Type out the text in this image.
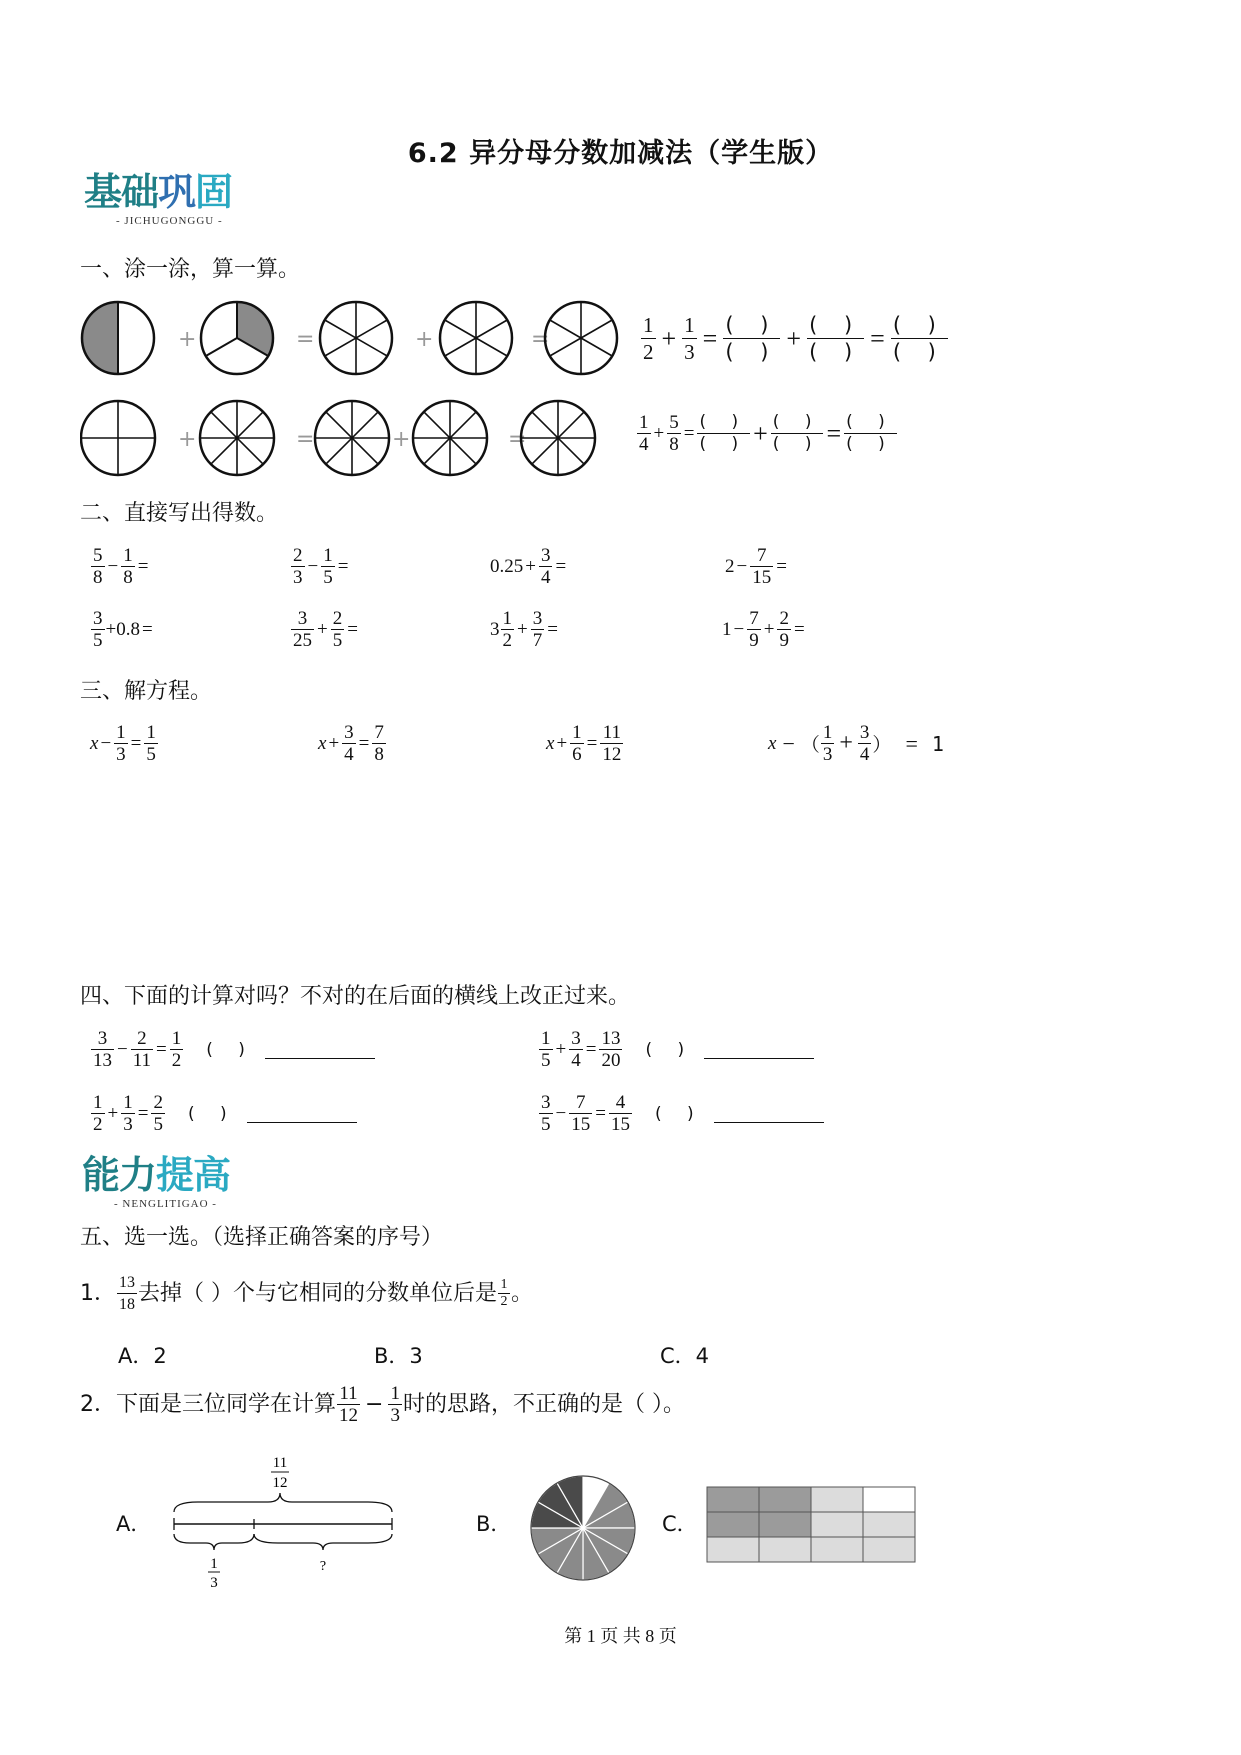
6.2 异分母分数加减法（学生版）
基础巩固
- JICHUGONGGU -
一、涂一涂，算一算。
+	=	+	=
+	=	+	=
$\frac{1}{2} + \frac{1}{3} = \frac{( )}{( )} + \frac{( )}{( )} = \frac{( )}{( )}$
$\frac{1}{4} + \frac{5}{8} = \frac{( )}{( )} + \frac{( )}{( )} = \frac{( )}{( )}$
二、直接写出得数。
$\frac{5}{8} - \frac{1}{8}$ =	$\frac{2}{3} - \frac{1}{5}$ =	$0.25 + \frac{3}{4}$ =	$2 - \frac{7}{15}$ =
$\frac{3}{5} +0.8$ =	$\frac{3}{25} + \frac{2}{5}$ =	$3 \frac{1}{2} + \frac{3}{7}$ =	$1 - \frac{7}{9} + \frac{2}{9}$ =
三、解方程。
$x - \frac{1}{3} = \frac{1}{5}$	$x + \frac{3}{4} = \frac{7}{8}$	$x + \frac{1}{6} = \frac{11}{12}$	x − （ $\frac{1}{3} + \frac{3}{4}$ ） = 1
四、下面的计算对吗？不对的在后面的横线上改正过来。
$\frac{3}{13} - \frac{2}{11} = \frac{1}{2}$	( )	$\frac{1}{5} + \frac{3}{4} = \frac{13}{20}$	( )
$\frac{1}{2} + \frac{1}{3} = \frac{2}{5}$	( )	$\frac{3}{5} - \frac{7}{15} = \frac{4}{15}$	( )
能力提高
- NENGLITIGAO -
五、选一选。（选择正确答案的序号）
1． $\frac{13}{18}$ 去掉（ ）个与它相同的分数单位后是 $\frac{1}{2}$ 。
A．2	B．3	C．4
2． 下面是三位同学在计算 $\frac{11}{12} - \frac{1}{3}$ 时的思路，不正确的是（ ）。
A．
11
12
1
3
?
B．	C．
第 1 页 共 8 页
